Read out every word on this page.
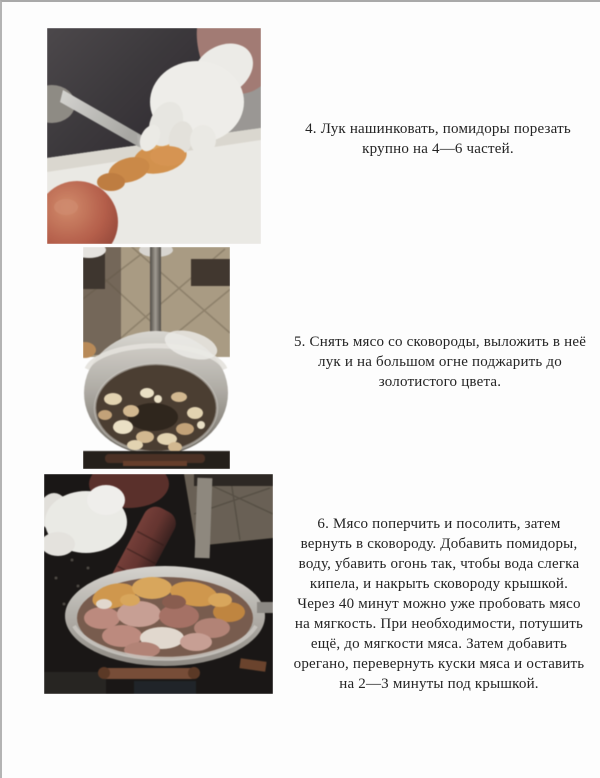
4. Лук нашинковать, помидоры порезать
крупно на 4—6 частей.
5. Снять мясо со сковороды, выложить в неё
лук и на большом огне поджарить до
золотистого цвета.
6. Мясо поперчить и посолить, затем
вернуть в сковороду. Добавить помидоры,
воду, убавить огонь так, чтобы вода слегка
кипела, и накрыть сковороду крышкой.
Через 40 минут можно уже пробовать мясо
на мягкость. При необходимости, потушить
ещё, до мягкости мяса. Затем добавить
орегано, перевернуть куски мяса и оставить
на 2—3 минуты под крышкой.
